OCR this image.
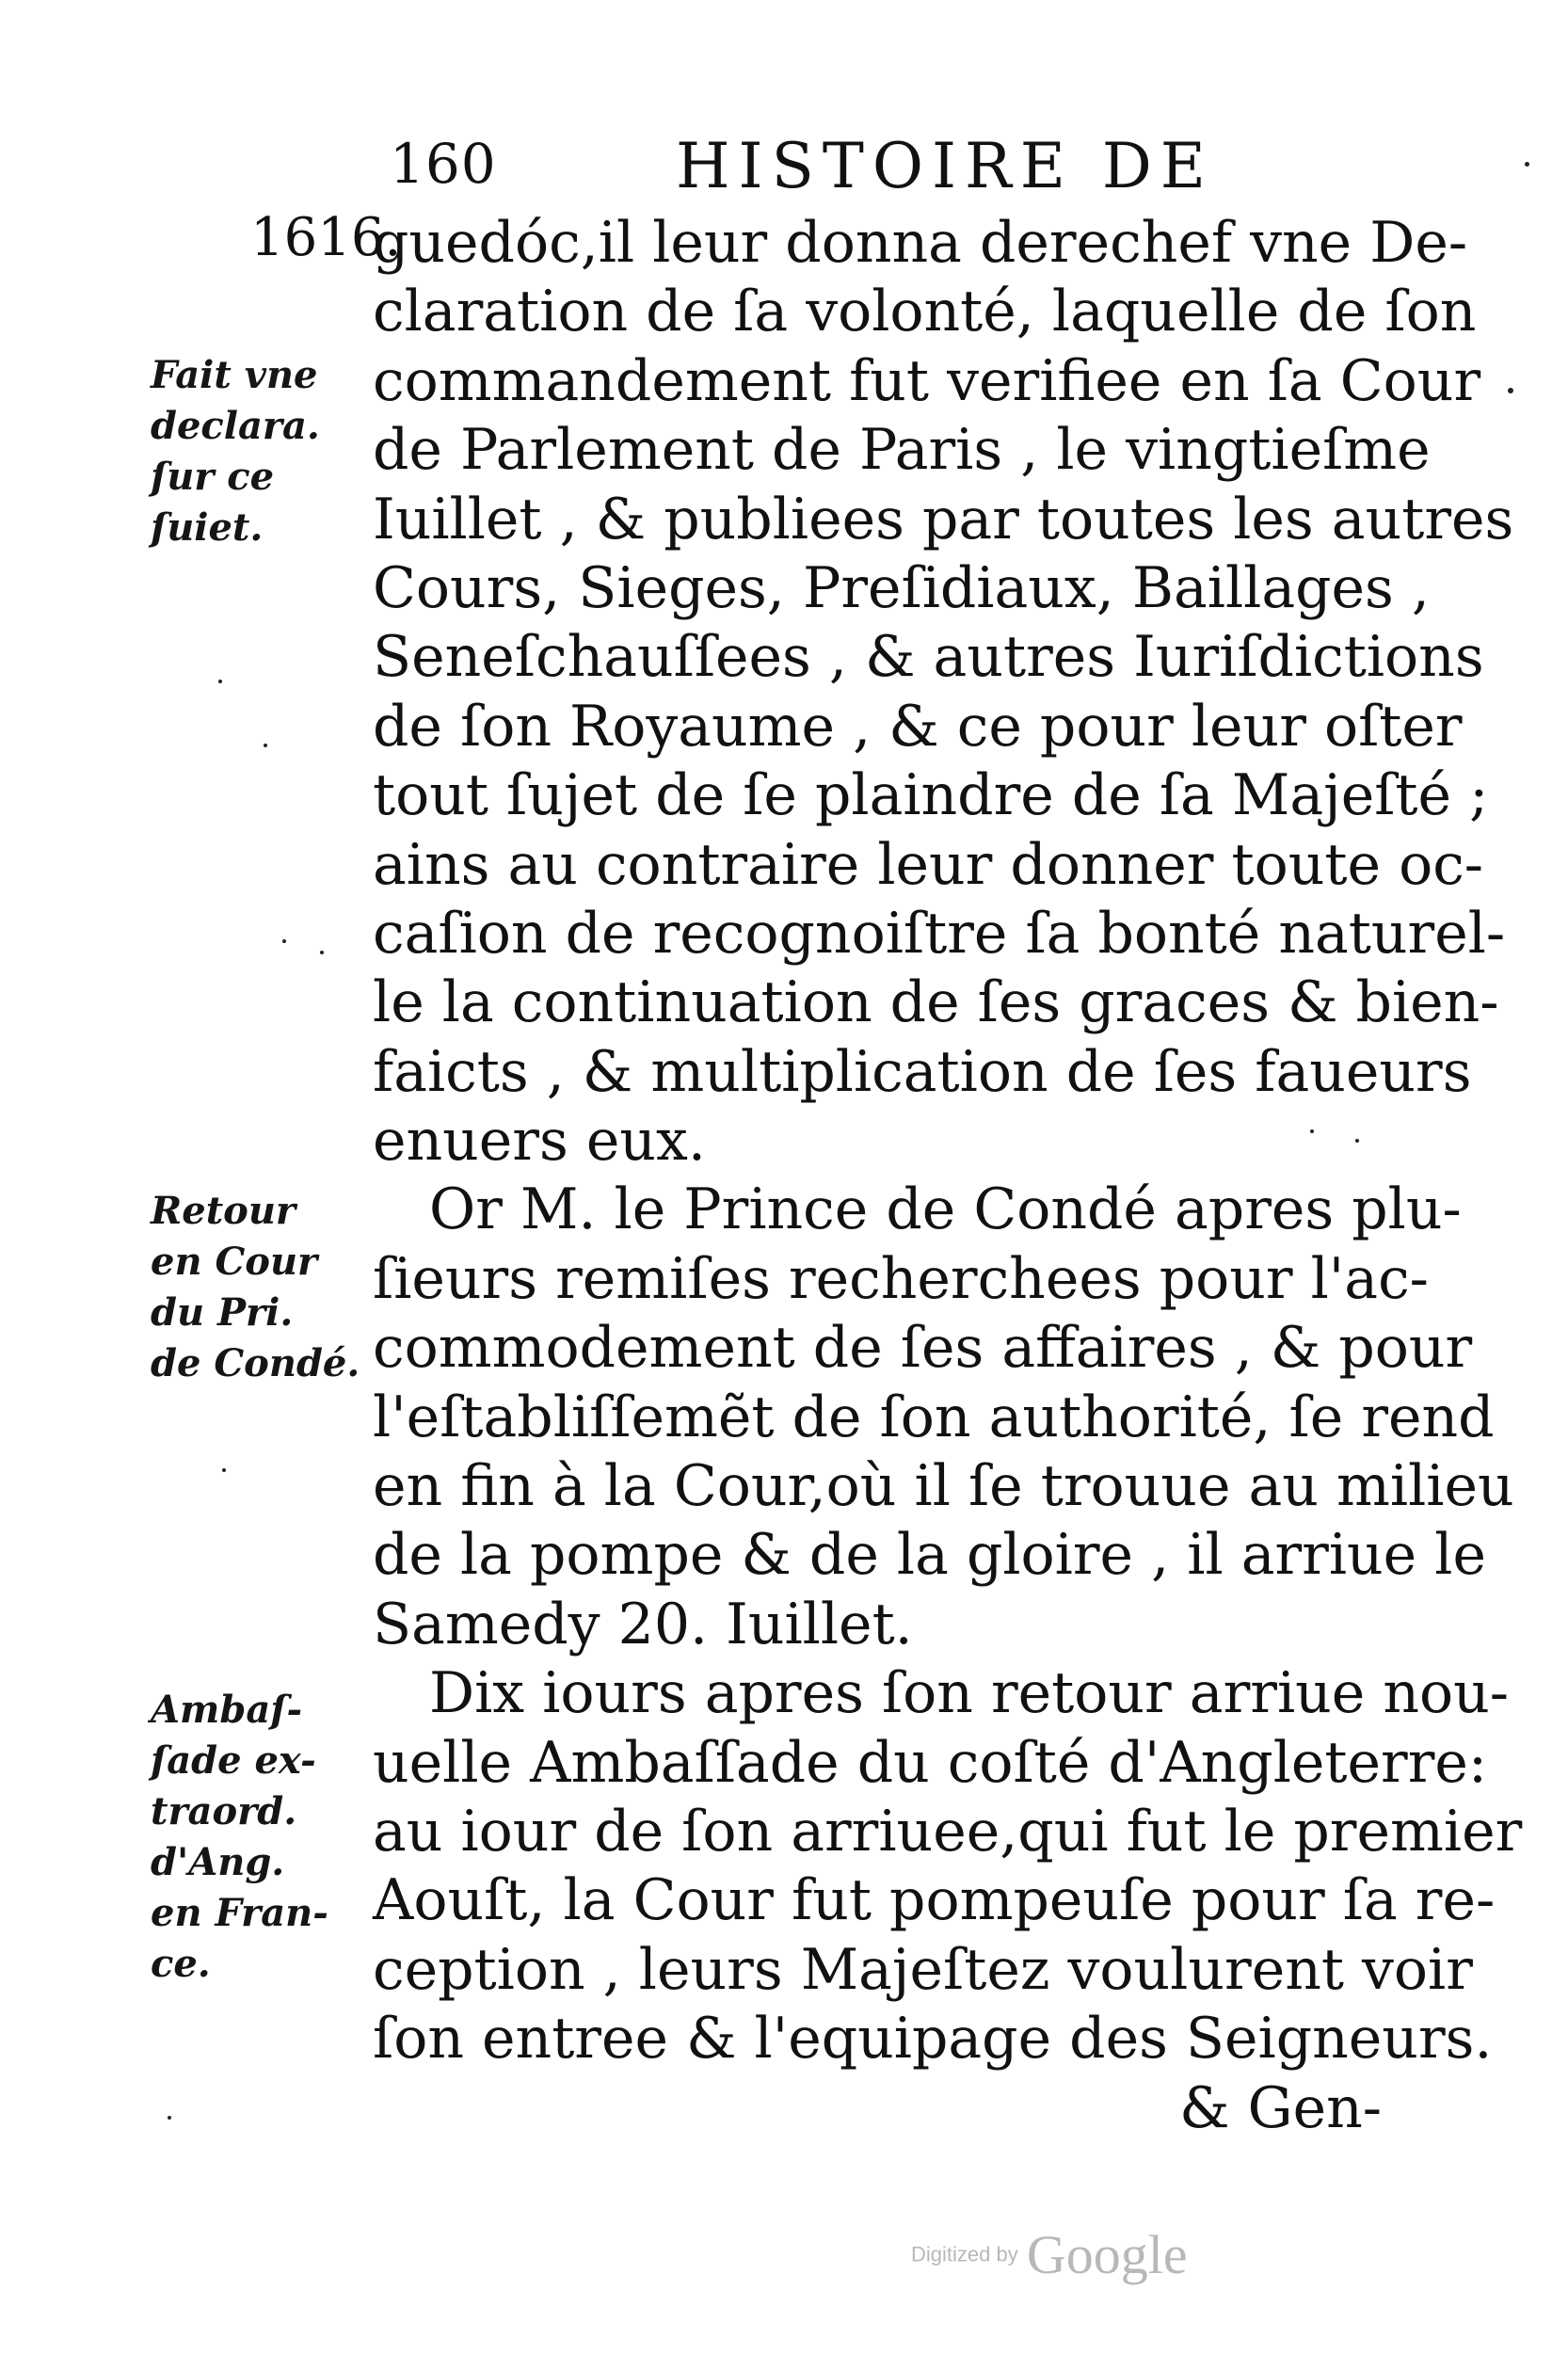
160	HISTOIRE DE
1616.
guedóc,il leur donna derechef vne De-
claration de ſa volonté, laquelle de ſon
commandement fut verifiee en ſa Cour
de Parlement de Paris , le vingtieſme
Iuillet , & publiees par toutes les autres
Cours, Sieges, Preſidiaux, Baillages ,
Seneſchauſſees , & autres Iuriſdictions
de ſon Royaume , & ce pour leur oſter
tout ſujet de ſe plaindre de ſa Majeſté ;
ains au contraire leur donner toute oc-
caſion de recognoiſtre ſa bonté naturel-
le la continuation de ſes graces & bien-
faicts , & multiplication de ſes faueurs
enuers eux.
Or M. le Prince de Condé apres plu-
ſieurs remiſes recherchees pour l'ac-
commodement de ſes affaires , & pour
l'eſtabliſſemẽt de ſon authorité, ſe rend
en fin à la Cour,où il ſe trouue au milieu
de la pompe & de la gloire , il arriue le
Samedy 20. Iuillet.
Dix iours apres ſon retour arriue nou-
uelle Ambaſſade du coſté d'Angleterre:
au iour de ſon arriuee,qui fut le premier
Aouſt, la Cour fut pompeuſe pour ſa re-
ception , leurs Majeſtez voulurent voir
ſon entree & l'equipage des Seigneurs.
& Gen-
Fait vne
declara.
ſur ce
ſuiet.
Retour
en Cour
du Pri.
de Condé.
Ambaſ-
ſade ex-
traord.
d'Ang.
en Fran-
ce.
Digitized by Google
